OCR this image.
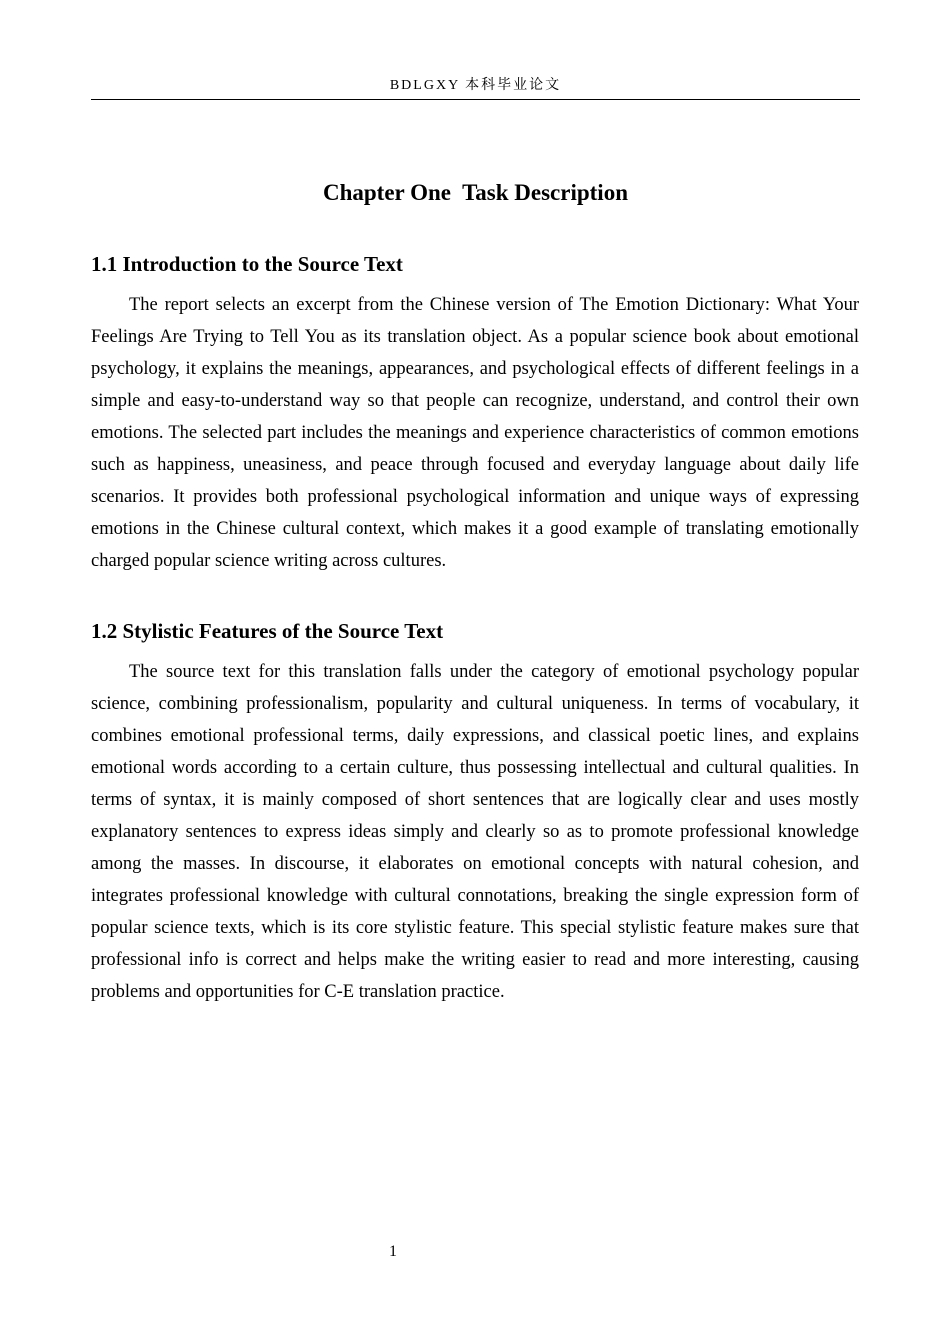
BDLGXY 本科毕业论文
Chapter One  Task Description
1.1 Introduction to the Source Text

The report selects an excerpt from the Chinese version of The Emotion Dictionary: What Your Feelings Are Trying to Tell You as its translation object. As a popular science book about emotional psychology, it explains the meanings, appearances, and psychological effects of different feelings in a simple and easy-to-understand way so that people can recognize, understand, and control their own emotions. The selected part includes the meanings and experience characteristics of common emotions such as happiness, uneasiness, and peace through focused and everyday language about daily life scenarios. It provides both professional psychological information and unique ways of expressing emotions in the Chinese cultural context, which makes it a good example of translating emotionally charged popular science writing across cultures.

1.2 Stylistic Features of the Source Text

The source text for this translation falls under the category of emotional psychology popular science, combining professionalism, popularity and cultural uniqueness. In terms of vocabulary, it combines emotional professional terms, daily expressions, and classical poetic lines, and explains emotional words according to a certain culture, thus possessing intellectual and cultural qualities. In terms of syntax, it is mainly composed of short sentences that are logically clear and uses mostly explanatory sentences to express ideas simply and clearly so as to promote professional knowledge among the masses. In discourse, it elaborates on emotional concepts with natural cohesion, and integrates professional knowledge with cultural connotations, breaking the single expression form of popular science texts, which is its core stylistic feature. This special stylistic feature makes sure that professional info is correct and helps make the writing easier to read and more interesting, causing problems and opportunities for C-E translation practice.

1
